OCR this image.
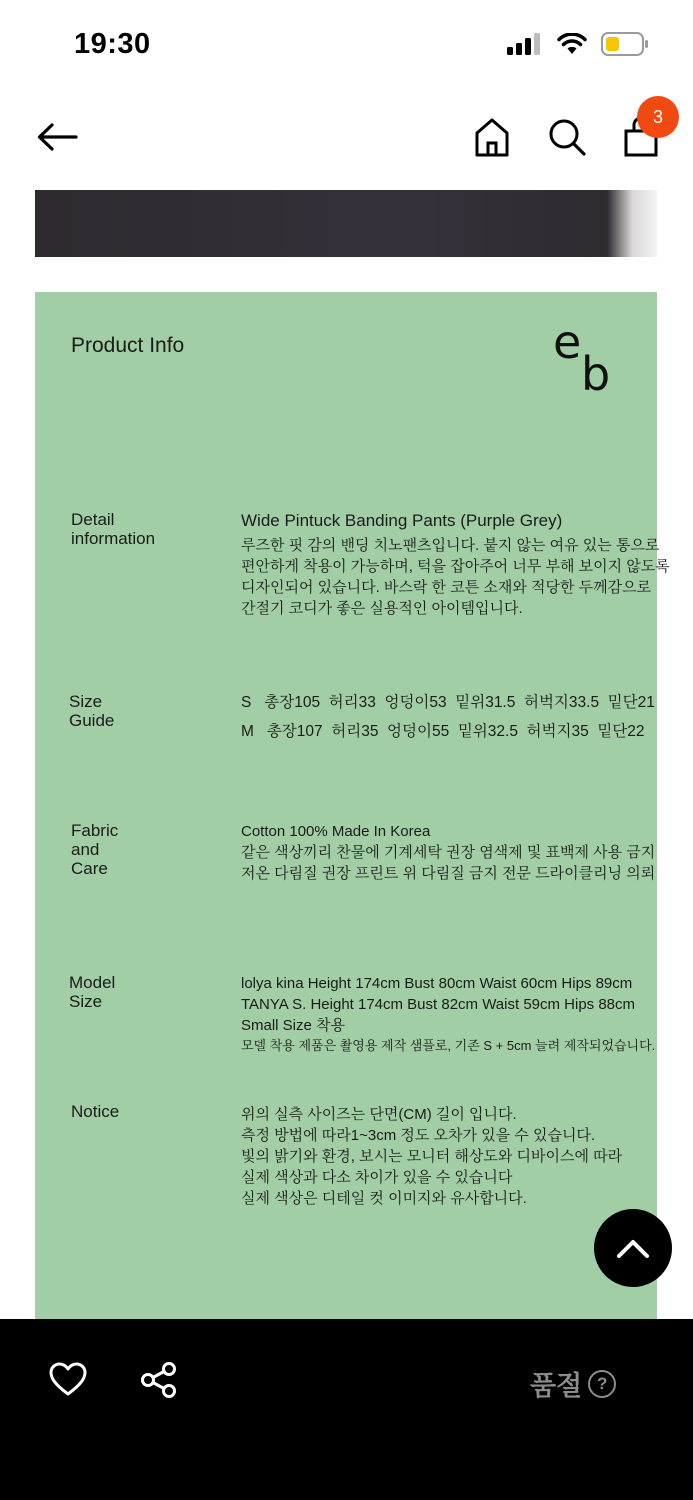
19:30
3
Product Info	e
b
Detail
information
Wide Pintuck Banding Pants (Purple Grey)
루즈한 핏 감의 밴딩 치노팬츠입니다. 붙지 않는 여유 있는 통으로
편안하게 착용이 가능하며, 턱을 잡아주어 너무 부해 보이지 않도록
디자인되어 있습니다. 바스락 한 코튼 소재와 적당한 두께감으로
간절기 코디가 좋은 실용적인 아이템입니다.
Size
Guide
S   총장105  허리33  엉덩이53  밑위31.5  허벅지33.5  밑단21
M   총장107  허리35  엉덩이55  밑위32.5  허벅지35  밑단22
Fabric
and
Care
Cotton 100% Made In Korea
같은 색상끼리 찬물에 기계세탁 권장 염색제 및 표백제 사용 금지
저온 다림질 권장 프린트 위 다림질 금지 전문 드라이클리닝 의뢰
Model
Size
lolya kina Height 174cm Bust 80cm Waist 60cm Hips 89cm
TANYA S. Height 174cm Bust 82cm Waist 59cm Hips 88cm
Small Size 착용
모델 착용 제품은 촬영용 제작 샘플로, 기존 S + 5cm 늘려 제작되었습니다.
Notice	위의 실측 사이즈는 단면(CM) 길이 입니다.
측정 방법에 따라1~3cm 정도 오차가 있을 수 있습니다.
빛의 밝기와 환경, 보시는 모니터 해상도와 디바이스에 따라
실제 색상과 다소 차이가 있을 수 있습니다
실제 색상은 디테일 컷 이미지와 유사합니다.
품절 ?
